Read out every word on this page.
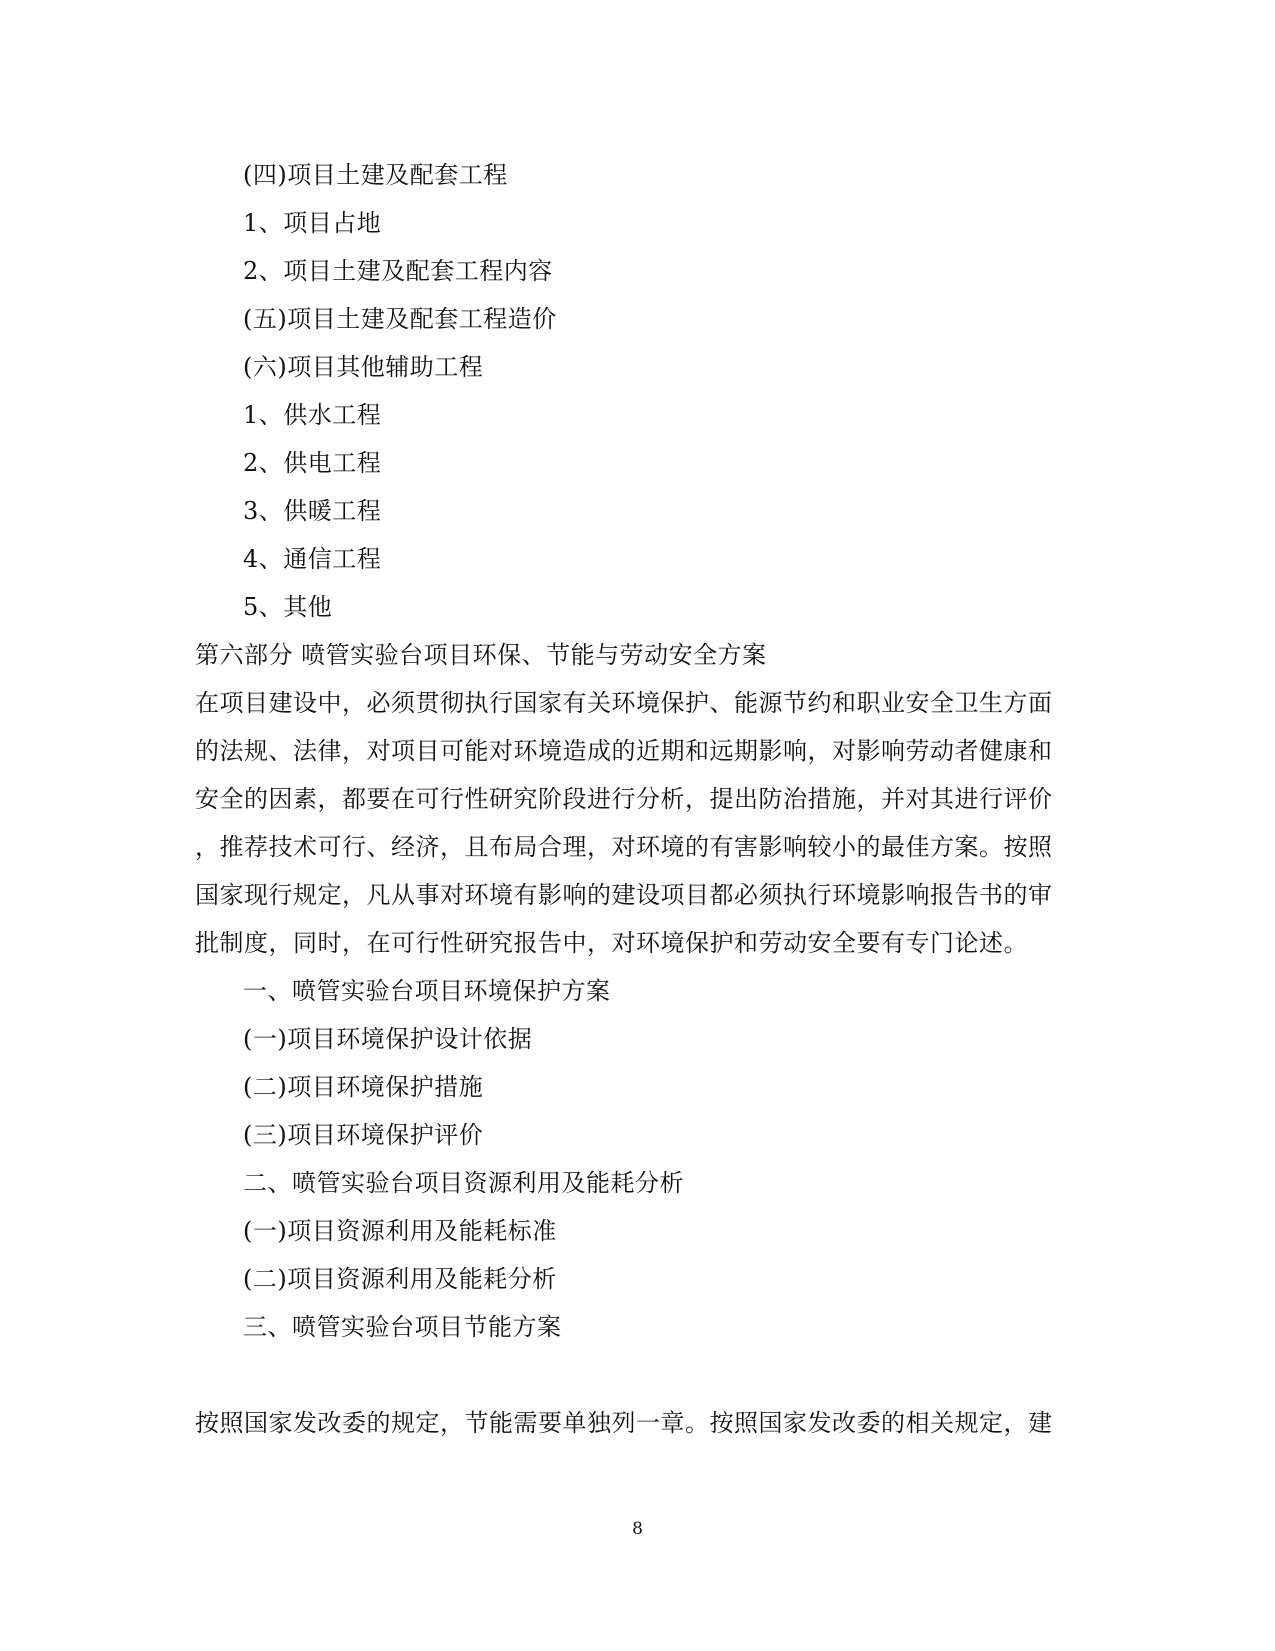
(四)项目土建及配套工程
1、项目占地
2、项目土建及配套工程内容
(五)项目土建及配套工程造价
(六)项目其他辅助工程
1、供水工程
2、供电工程
3、供暖工程
4、通信工程
5、其他
第六部分 喷管实验台项目环保、节能与劳动安全方案
在项目建设中，必须贯彻执行国家有关环境保护、能源节约和职业安全卫生方面
的法规、法律，对项目可能对环境造成的近期和远期影响，对影响劳动者健康和
安全的因素，都要在可行性研究阶段进行分析，提出防治措施，并对其进行评价
，推荐技术可行、经济，且布局合理，对环境的有害影响较小的最佳方案。按照
国家现行规定，凡从事对环境有影响的建设项目都必须执行环境影响报告书的审
批制度，同时，在可行性研究报告中，对环境保护和劳动安全要有专门论述。
一、喷管实验台项目环境保护方案
(一)项目环境保护设计依据
(二)项目环境保护措施
(三)项目环境保护评价
二、喷管实验台项目资源利用及能耗分析
(一)项目资源利用及能耗标准
(二)项目资源利用及能耗分析
三、喷管实验台项目节能方案
按照国家发改委的规定，节能需要单独列一章。按照国家发改委的相关规定，建
8
